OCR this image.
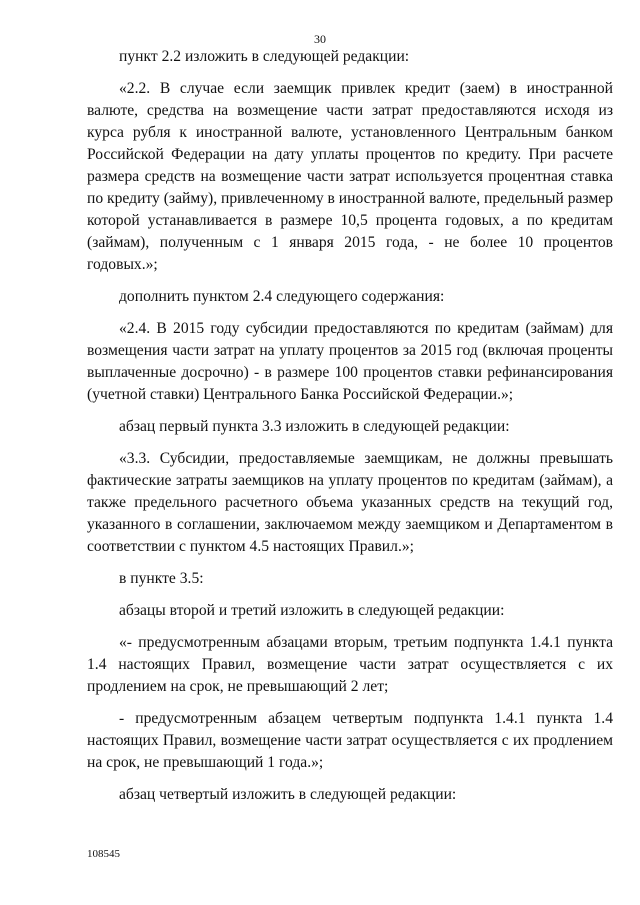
30

пункт 2.2 изложить в следующей редакции:

«2.2. В случае если заемщик привлек кредит (заем) в иностранной валюте, средства на возмещение части затрат предоставляются исходя из курса рубля к иностранной валюте, установленного Центральным банком Российской Федерации на дату уплаты процентов по кредиту. При расчете размера средств на возмещение части затрат используется процентная ставка по кредиту (займу), привлеченному в иностранной валюте, предельный размер которой устанавливается в размере 10,5 процента годовых, а по кредитам (займам), полученным с 1 января 2015 года, - не более 10 процентов годовых.»;

дополнить пунктом 2.4 следующего содержания:

«2.4. В 2015 году субсидии предоставляются по кредитам (займам) для возмещения части затрат на уплату процентов за 2015 год (включая проценты выплаченные досрочно) - в размере 100 процентов ставки рефинансирования (учетной ставки) Центрального Банка Российской Федерации.»;

абзац первый пункта 3.3 изложить в следующей редакции:

«3.3. Субсидии, предоставляемые заемщикам, не должны превышать фактические затраты заемщиков на уплату процентов по кредитам (займам), а также предельного расчетного объема указанных средств на текущий год, указанного в соглашении, заключаемом между заемщиком и Департаментом в соответствии с пунктом 4.5 настоящих Правил.»;

в пункте 3.5:

абзацы второй и третий изложить в следующей редакции:

«- предусмотренным абзацами вторым, третьим подпункта 1.4.1 пункта 1.4 настоящих Правил, возмещение части затрат осуществляется с их продлением на срок, не превышающий 2 лет;

- предусмотренным абзацем четвертым подпункта 1.4.1 пункта 1.4 настоящих Правил, возмещение части затрат осуществляется с их продлением на срок, не превышающий 1 года.»;

абзац четвертый изложить в следующей редакции:

108545
